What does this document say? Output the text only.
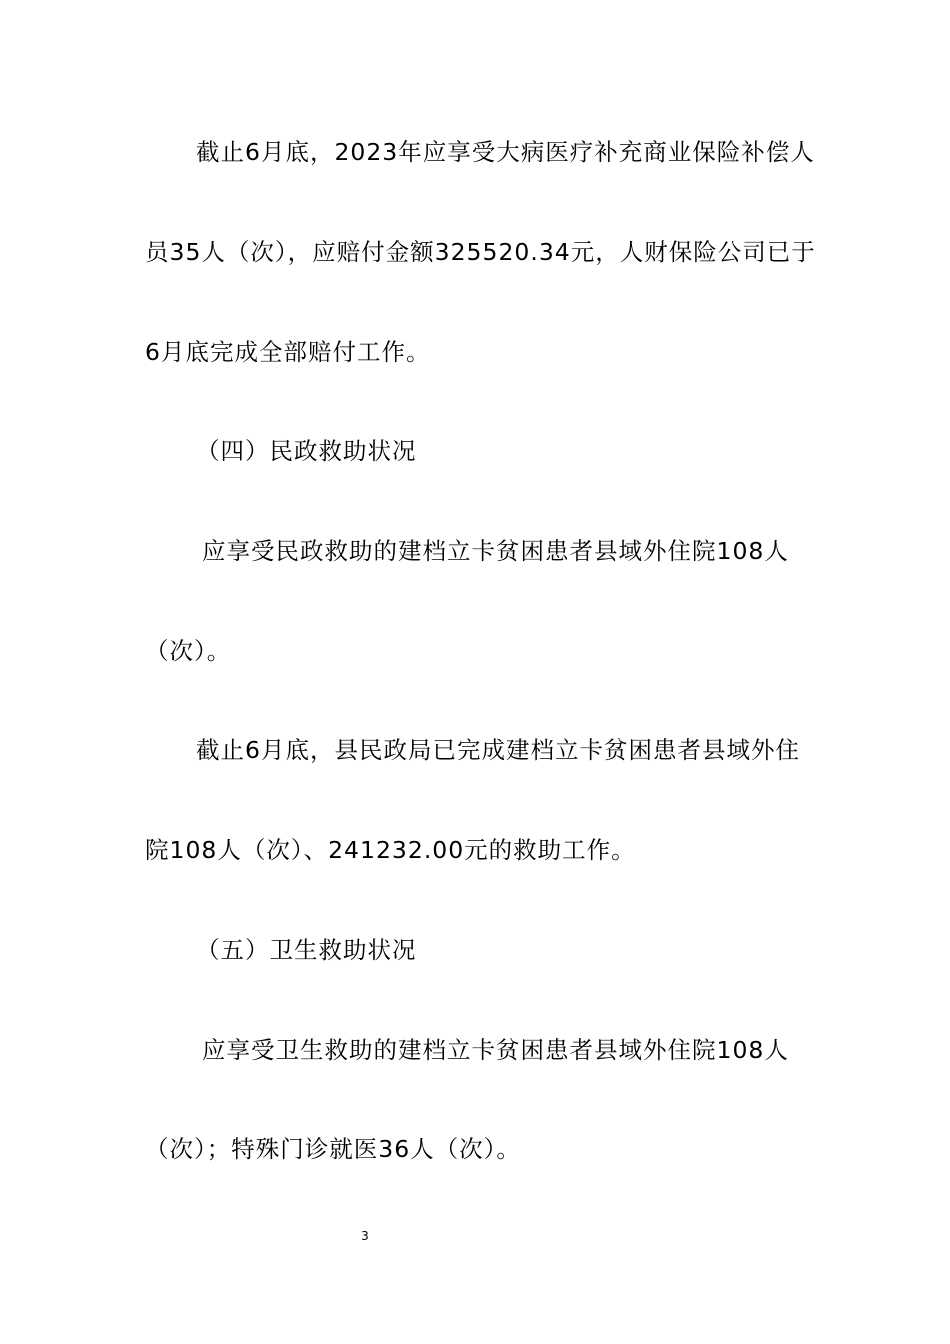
截止6月底，2023年应享受大病医疗补充商业保险补偿人
员35人（次），应赔付金额325520.34元，人财保险公司已于
6月底完成全部赔付工作。
（四）民政救助状况
应享受民政救助的建档立卡贫困患者县域外住院108人
（次）。
截止6月底，县民政局已完成建档立卡贫困患者县域外住
院108人（次）、241232.00元的救助工作。
（五）卫生救助状况
应享受卫生救助的建档立卡贫困患者县域外住院108人
（次）；特殊门诊就医36人（次）。
3
